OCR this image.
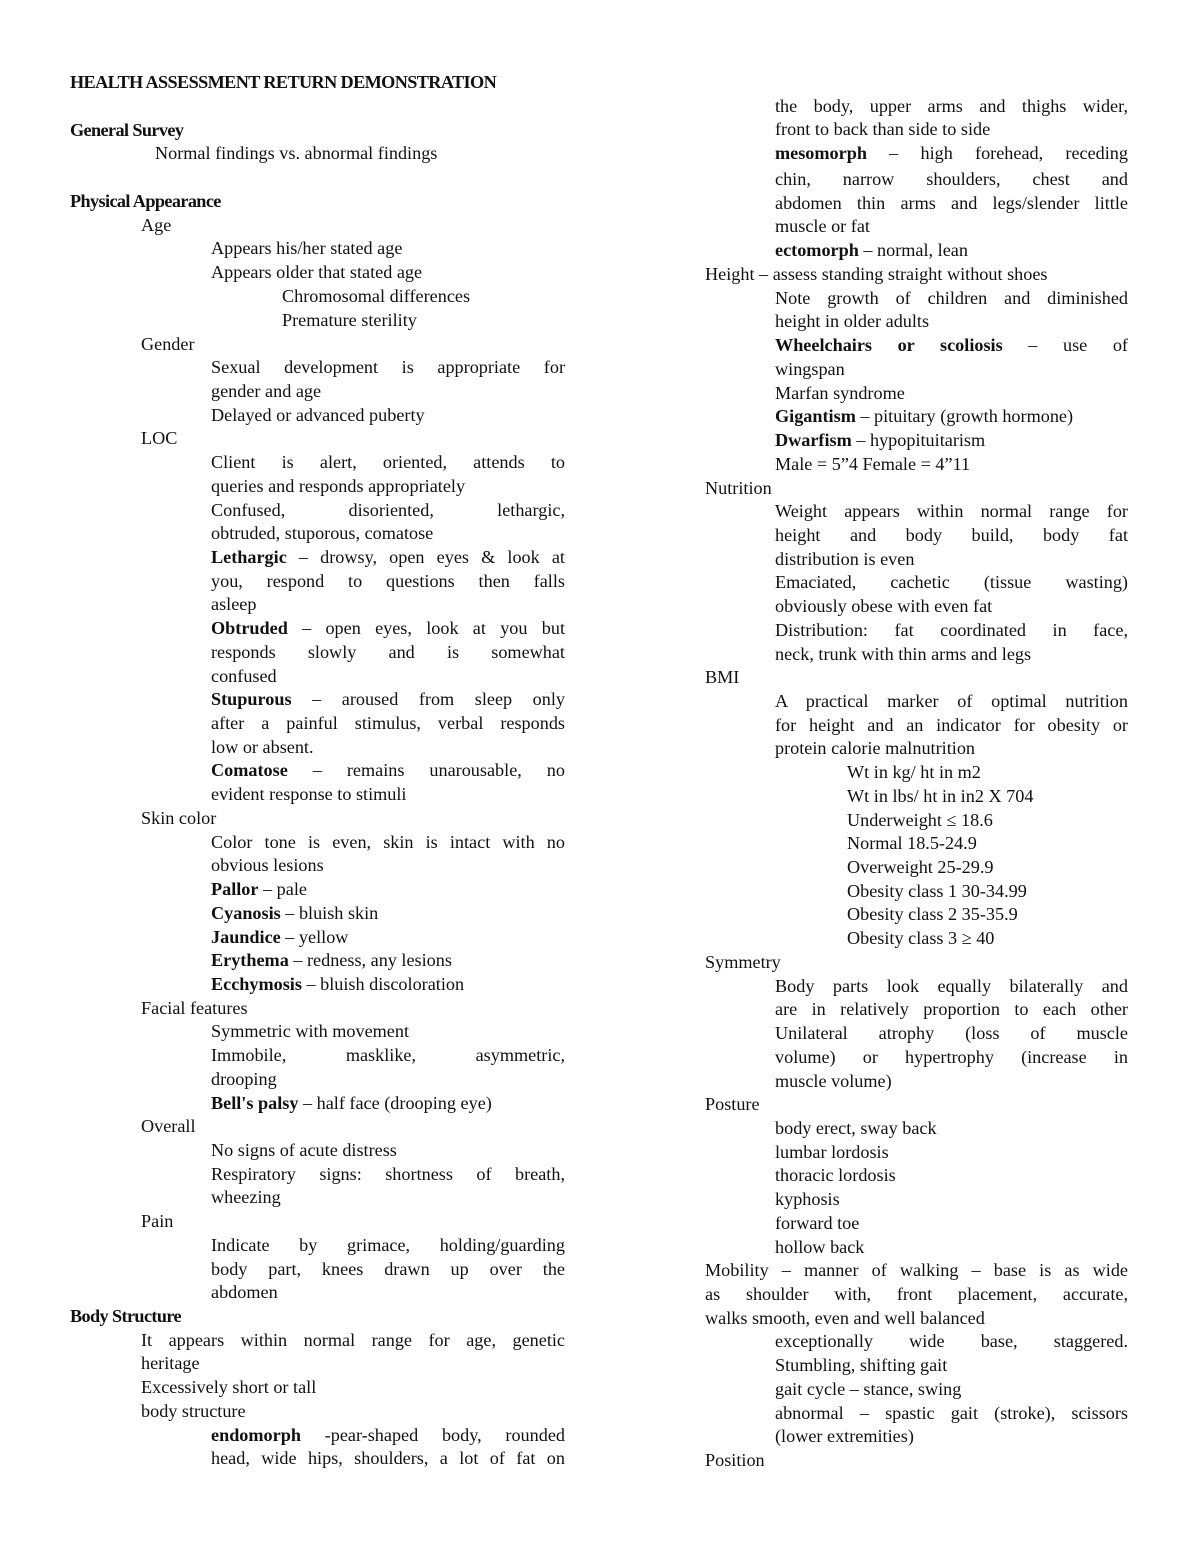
HEALTH ASSESSMENT RETURN DEMONSTRATION
General Survey
Normal findings vs. abnormal findings
Physical Appearance
Age
Appears his/her stated age
Appears older that stated age
Chromosomal differences
Premature sterility
Gender
Sexual development is appropriate for
gender and age
Delayed or advanced puberty
LOC
Client is alert, oriented, attends to
queries and responds appropriately
Confused, disoriented, lethargic,
obtruded, stuporous, comatose
Lethargic – drowsy, open eyes & look at
you, respond to questions then falls
asleep
Obtruded – open eyes, look at you but
responds slowly and is somewhat
confused
Stupurous – aroused from sleep only
after a painful stimulus, verbal responds
low or absent.
Comatose – remains unarousable, no
evident response to stimuli
Skin color
Color tone is even, skin is intact with no
obvious lesions
Pallor – pale
Cyanosis – bluish skin
Jaundice – yellow
Erythema – redness, any lesions
Ecchymosis – bluish discoloration
Facial features
Symmetric with movement
Immobile, masklike, asymmetric,
drooping
Bell's palsy – half face (drooping eye)
Overall
No signs of acute distress
Respiratory signs: shortness of breath,
wheezing
Pain
Indicate by grimace, holding/guarding
body part, knees drawn up over the
abdomen
Body Structure
It appears within normal range for age, genetic
heritage
Excessively short or tall
body structure
endomorph -pear-shaped body, rounded
head, wide hips, shoulders, a lot of fat on
the body, upper arms and thighs wider,
front to back than side to side
mesomorph – high forehead, receding
chin, narrow shoulders, chest and
abdomen thin arms and legs/slender little
muscle or fat
ectomorph – normal, lean
Height – assess standing straight without shoes
Note growth of children and diminished
height in older adults
Wheelchairs or scoliosis – use of
wingspan
Marfan syndrome
Gigantism – pituitary (growth hormone)
Dwarfism – hypopituitarism
Male = 5”4 Female = 4”11
Nutrition
Weight appears within normal range for
height and body build, body fat
distribution is even
Emaciated, cachetic (tissue wasting)
obviously obese with even fat
Distribution: fat coordinated in face,
neck, trunk with thin arms and legs
BMI
A practical marker of optimal nutrition
for height and an indicator for obesity or
protein calorie malnutrition
Wt in kg/ ht in m2
Wt in lbs/ ht in in2 X 704
Underweight ≤ 18.6
Normal 18.5-24.9
Overweight 25-29.9
Obesity class 1 30-34.99
Obesity class 2 35-35.9
Obesity class 3 ≥ 40
Symmetry
Body parts look equally bilaterally and
are in relatively proportion to each other
Unilateral atrophy (loss of muscle
volume) or hypertrophy (increase in
muscle volume)
Posture
body erect, sway back
lumbar lordosis
thoracic lordosis
kyphosis
forward toe
hollow back
Mobility – manner of walking – base is as wide
as shoulder with, front placement, accurate,
walks smooth, even and well balanced
exceptionally wide base, staggered.
Stumbling, shifting gait
gait cycle – stance, swing
abnormal – spastic gait (stroke), scissors
(lower extremities)
Position
